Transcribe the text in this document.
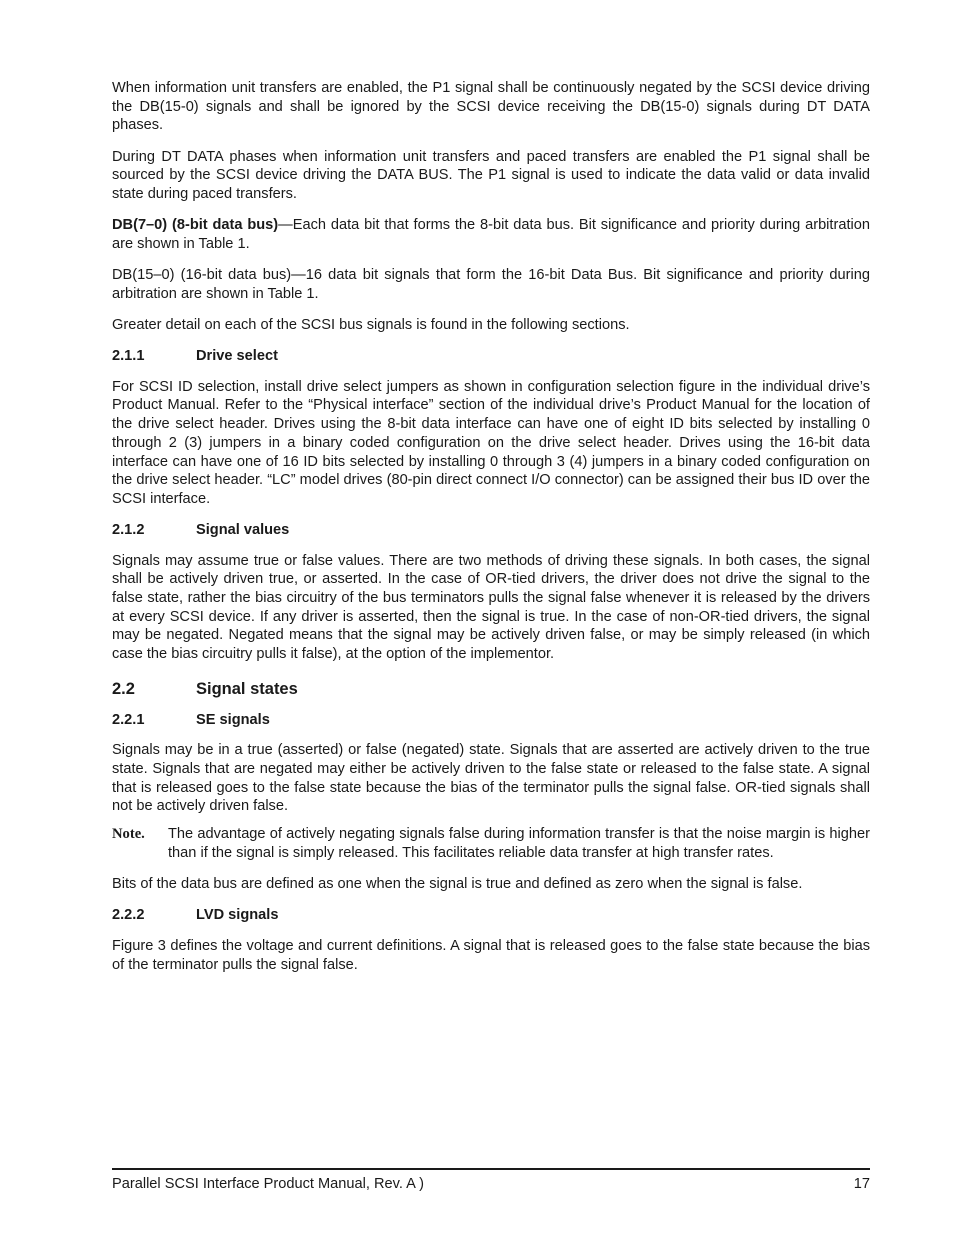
When information unit transfers are enabled, the P1 signal shall be continuously negated by the SCSI device driving the DB(15-0) signals and shall be ignored by the SCSI device receiving the DB(15-0) signals during DT DATA phases.

During DT DATA phases when information unit transfers and paced transfers are enabled the P1 signal shall be sourced by the SCSI device driving the DATA BUS. The P1 signal is used to indicate the data valid or data invalid state during paced transfers.

DB(7–0) (8-bit data bus)—Each data bit that forms the 8-bit data bus. Bit significance and priority during arbitration are shown in Table 1.

DB(15–0) (16-bit data bus)—16 data bit signals that form the 16-bit Data Bus. Bit significance and priority during arbitration are shown in Table 1.

Greater detail on each of the SCSI bus signals is found in the following sections.

2.1.1	Drive select

For SCSI ID selection, install drive select jumpers as shown in configuration selection figure in the individual drive’s Product Manual. Refer to the “Physical interface” section of the individual drive’s Product Manual for the location of the drive select header. Drives using the 8-bit data interface can have one of eight ID bits selected by installing 0 through 2 (3) jumpers in a binary coded configuration on the drive select header. Drives using the 16-bit data interface can have one of 16 ID bits selected by installing 0 through 3 (4) jumpers in a binary coded configuration on the drive select header. “LC” model drives (80-pin direct connect I/O connector) can be assigned their bus ID over the SCSI interface.

2.1.2	Signal values

Signals may assume true or false values. There are two methods of driving these signals. In both cases, the signal shall be actively driven true, or asserted. In the case of OR-tied drivers, the driver does not drive the signal to the false state, rather the bias circuitry of the bus terminators pulls the signal false whenever it is released by the drivers at every SCSI device. If any driver is asserted, then the signal is true. In the case of non-OR-tied drivers, the signal may be negated. Negated means that the signal may be actively driven false, or may be simply released (in which case the bias circuitry pulls it false), at the option of the implementor.

2.2	Signal states
2.2.1	SE signals

Signals may be in a true (asserted) or false (negated) state. Signals that are asserted are actively driven to the true state. Signals that are negated may either be actively driven to the false state or released to the false state. A signal that is released goes to the false state because the bias of the terminator pulls the signal false. OR-tied signals shall not be actively driven false.

Note.	The advantage of actively negating signals false during information transfer is that the noise margin is higher than if the signal is simply released. This facilitates reliable data transfer at high transfer rates.

Bits of the data bus are defined as one when the signal is true and defined as zero when the signal is false.

2.2.2	LVD signals

Figure 3 defines the voltage and current definitions. A signal that is released goes to the false state because the bias of the terminator pulls the signal false.

Parallel SCSI Interface Product Manual, Rev. A )	17
